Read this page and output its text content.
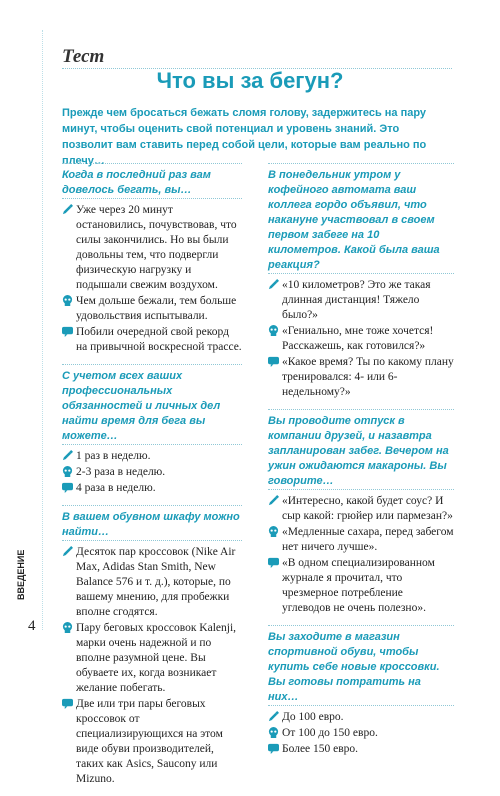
Тест
Что вы за бегун?
Прежде чем бросаться бежать сломя голову, задержитесь на пару минут, чтобы оценить свой потенциал и уровень знаний. Это позволит вам ставить перед собой цели, которые вам реально по плечу…
Когда в последний раз вам довелось бегать, вы…
Уже через 20 минут остановились, почувствовав, что силы закончились. Но вы были довольны тем, что подвергли физическую нагрузку и подышали свежим воздухом.
Чем дольше бежали, тем больше удовольствия испытывали.
Побили очередной свой рекорд на привычной воскресной трассе.
С учетом всех ваших профессиональных обязанностей и личных дел найти время для бега вы можете…
1 раз в неделю.
2-3 раза в неделю.
4 раза в неделю.
В вашем обувном шкафу можно найти…
Десяток пар кроссовок (Nike Air Max, Adidas Stan Smith, New Balance 576 и т. д.), которые, по вашему мнению, для пробежки вполне сгодятся.
Пару беговых кроссовок Kalenji, марки очень надежной и по вполне разумной цене. Вы обуваете их, когда возникает желание побегать.
Две или три пары беговых кроссовок от специализирующихся на этом виде обуви производителей, таких как Asics, Saucony или Mizuno.
В понедельник утром у кофейного автомата ваш коллега гордо объявил, что накануне участвовал в своем первом забеге на 10 километров. Какой была ваша реакция?
«10 километров? Это же такая длинная дистанция! Тяжело было?»
«Гениально, мне тоже хочется! Расскажешь, как готовился?»
«Какое время? Ты по какому плану тренировался: 4- или 6-недельному?»
Вы проводите отпуск в компании друзей, и назавтра запланирован забег. Вечером на ужин ожидаются макароны. Вы говорите…
«Интересно, какой будет соус? И сыр какой: грюйер или пармезан?»
«Медленные сахара, перед забегом нет ничего лучше».
«В одном специализированном журнале я прочитал, что чрезмерное потребление углеводов не очень полезно».
Вы заходите в магазин спортивной обуви, чтобы купить себе новые кроссовки. Вы готовы потратить на них…
До 100 евро.
От 100 до 150 евро.
Более 150 евро.
ВВЕДЕНИЕ
4
